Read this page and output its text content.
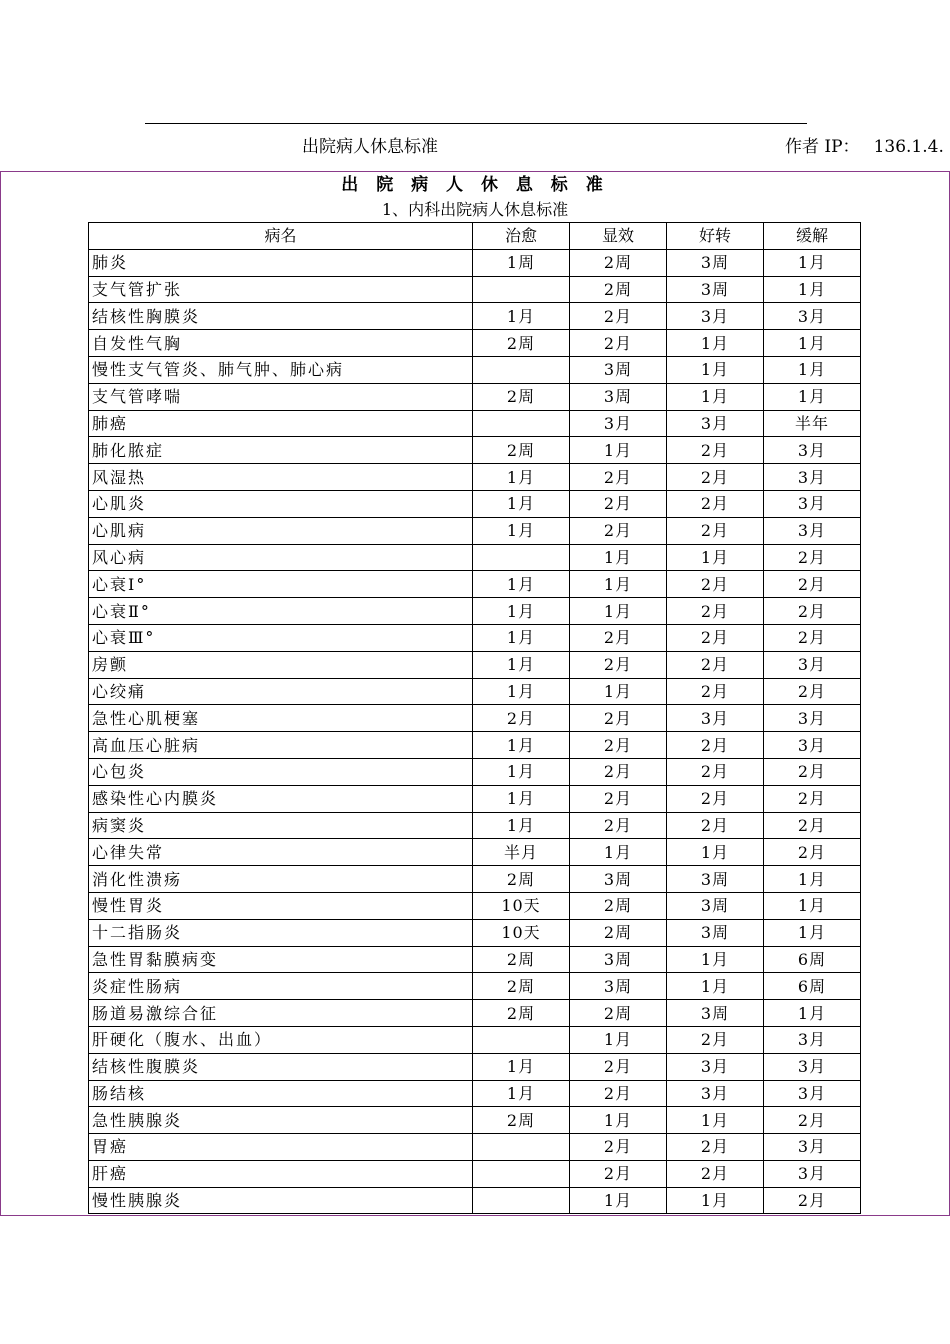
出院病人休息标准	作者 IP： 136.1.4.
出 院 病 人 休 息 标 准
1、内科出院病人休息标准
病名	治愈	显效	好转	缓解
肺炎	1周	2周	3周	1月
支气管扩张		2周	3周	1月
结核性胸膜炎	1月	2月	3月	3月
自发性气胸	2周	2月	1月	1月
慢性支气管炎、肺气肿、肺心病		3周	1月	1月
支气管哮喘	2周	3周	1月	1月
肺癌		3月	3月	半年
肺化脓症	2周	1月	2月	3月
风湿热	1月	2月	2月	3月
心肌炎	1月	2月	2月	3月
心肌病	1月	2月	2月	3月
风心病		1月	1月	2月
心衰Ⅰ°	1月	1月	2月	2月
心衰Ⅱ°	1月	1月	2月	2月
心衰Ⅲ°	1月	2月	2月	2月
房颤	1月	2月	2月	3月
心绞痛	1月	1月	2月	2月
急性心肌梗塞	2月	2月	3月	3月
高血压心脏病	1月	2月	2月	3月
心包炎	1月	2月	2月	2月
感染性心内膜炎	1月	2月	2月	2月
病窦炎	1月	2月	2月	2月
心律失常	半月	1月	1月	2月
消化性溃疡	2周	3周	3周	1月
慢性胃炎	10天	2周	3周	1月
十二指肠炎	10天	2周	3周	1月
急性胃黏膜病变	2周	3周	1月	6周
炎症性肠病	2周	3周	1月	6周
肠道易激综合征	2周	2周	3周	1月
肝硬化（腹水、出血）		1月	2月	3月
结核性腹膜炎	1月	2月	3月	3月
肠结核	1月	2月	3月	3月
急性胰腺炎	2周	1月	1月	2月
胃癌		2月	2月	3月
肝癌		2月	2月	3月
慢性胰腺炎		1月	1月	2月
